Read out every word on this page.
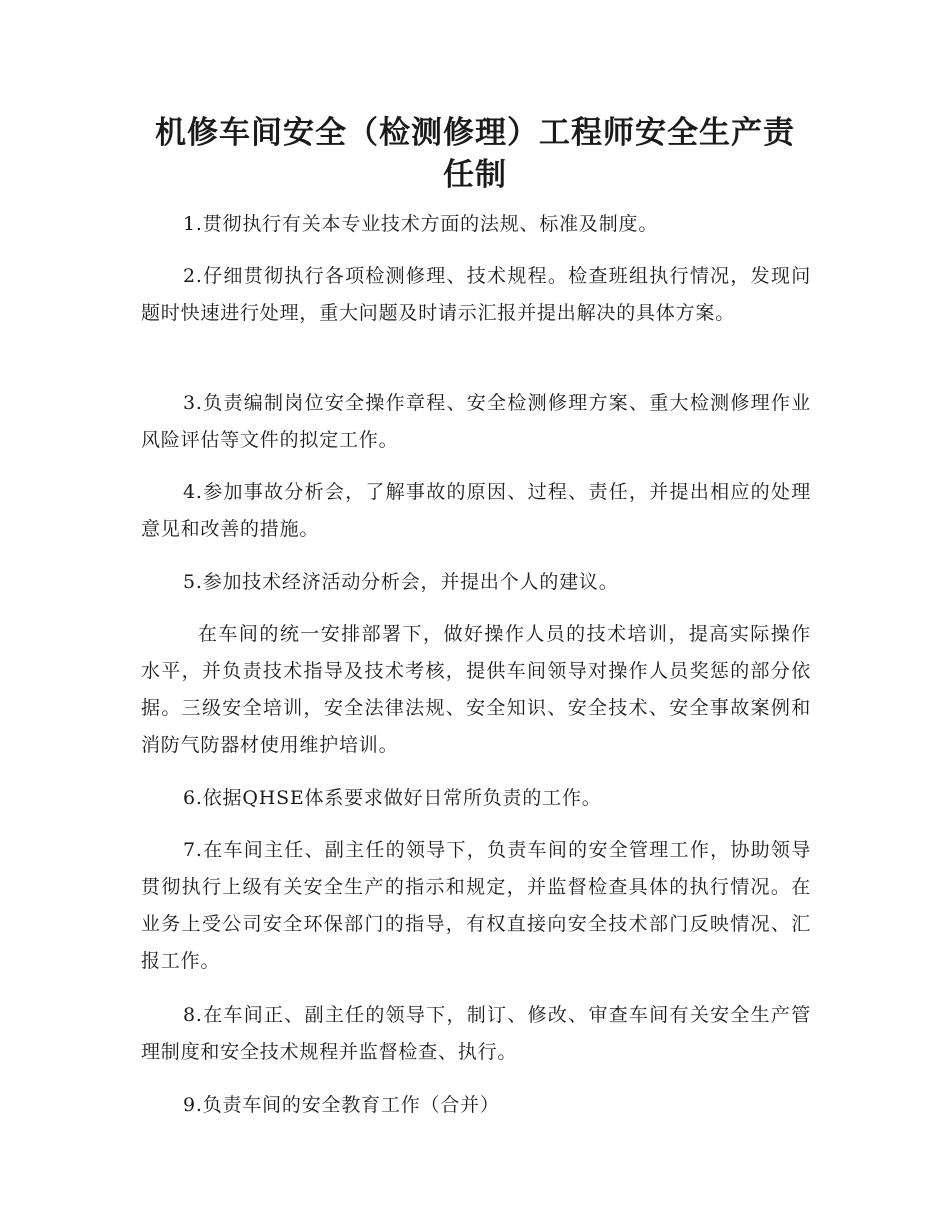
机修车间安全（检测修理）工程师安全生产责任制

1.贯彻执行有关本专业技术方面的法规、标准及制度。

2.仔细贯彻执行各项检测修理、技术规程。检查班组执行情况，发现问题时快速进行处理，重大问题及时请示汇报并提出解决的具体方案。

3.负责编制岗位安全操作章程、安全检测修理方案、重大检测修理作业风险评估等文件的拟定工作。

4.参加事故分析会，了解事故的原因、过程、责任，并提出相应的处理意见和改善的措施。

5.参加技术经济活动分析会，并提出个人的建议。

在车间的统一安排部署下，做好操作人员的技术培训，提高实际操作水平，并负责技术指导及技术考核，提供车间领导对操作人员奖惩的部分依据。三级安全培训，安全法律法规、安全知识、安全技术、安全事故案例和消防气防器材使用维护培训。

6.依据QHSE体系要求做好日常所负责的工作。

7.在车间主任、副主任的领导下，负责车间的安全管理工作，协助领导贯彻执行上级有关安全生产的指示和规定，并监督检查具体的执行情况。在业务上受公司安全环保部门的指导，有权直接向安全技术部门反映情况、汇报工作。

8.在车间正、副主任的领导下，制订、修改、审查车间有关安全生产管理制度和安全技术规程并监督检查、执行。

9.负责车间的安全教育工作（合并）
